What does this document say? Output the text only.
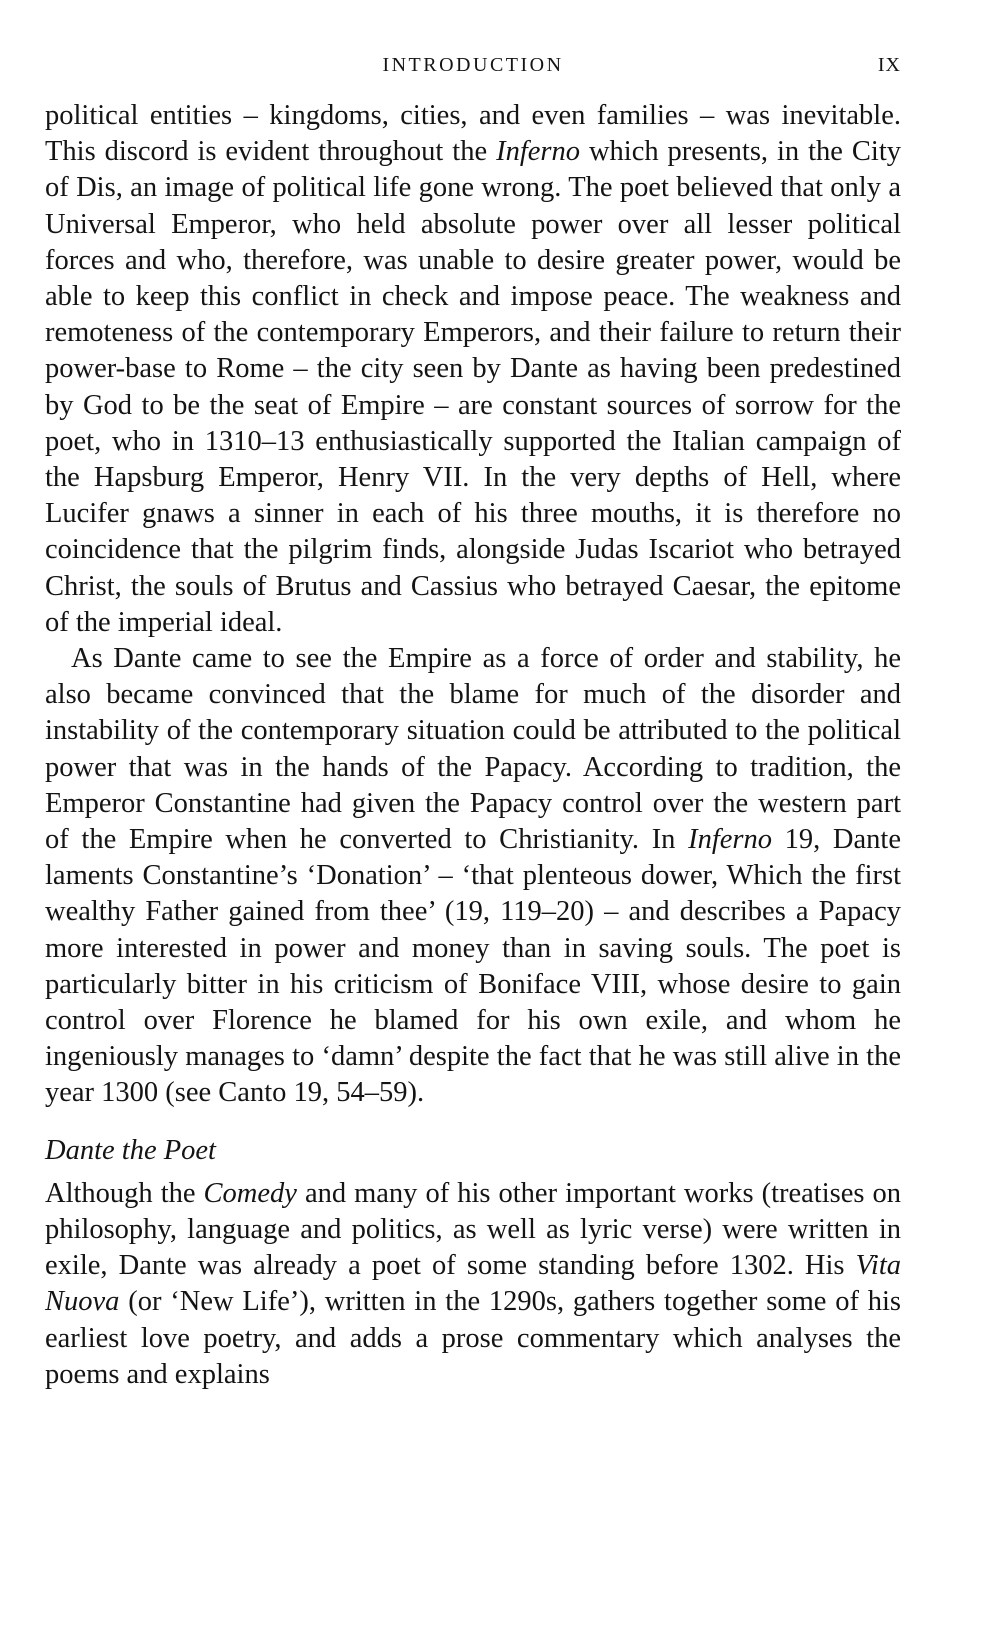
INTRODUCTION	IX

political entities – kingdoms, cities, and even families – was inevitable. This discord is evident throughout the Inferno which presents, in the City of Dis, an image of political life gone wrong. The poet believed that only a Universal Emperor, who held absolute power over all lesser political forces and who, therefore, was unable to desire greater power, would be able to keep this conflict in check and impose peace. The weakness and remoteness of the contemporary Emperors, and their failure to return their power-base to Rome – the city seen by Dante as having been predestined by God to be the seat of Empire – are constant sources of sorrow for the poet, who in 1310–13 enthusiastically supported the Italian campaign of the Hapsburg Emperor, Henry VII. In the very depths of Hell, where Lucifer gnaws a sinner in each of his three mouths, it is therefore no coincidence that the pilgrim finds, alongside Judas Iscariot who betrayed Christ, the souls of Brutus and Cassius who betrayed Caesar, the epitome of the imperial ideal.

As Dante came to see the Empire as a force of order and stability, he also became convinced that the blame for much of the disorder and instability of the contemporary situation could be attributed to the political power that was in the hands of the Papacy. According to tradition, the Emperor Constantine had given the Papacy control over the western part of the Empire when he converted to Christianity. In Inferno 19, Dante laments Constantine’s ‘Donation’ – ‘that plenteous dower, Which the first wealthy Father gained from thee’ (19, 119–20) – and describes a Papacy more interested in power and money than in saving souls. The poet is particularly bitter in his criticism of Boniface VIII, whose desire to gain control over Florence he blamed for his own exile, and whom he ingeniously manages to ‘damn’ despite the fact that he was still alive in the year 1300 (see Canto 19, 54–59).

Dante the Poet

Although the Comedy and many of his other important works (treatises on philosophy, language and politics, as well as lyric verse) were written in exile, Dante was already a poet of some standing before 1302. His Vita Nuova (or ‘New Life’), written in the 1290s, gathers together some of his earliest love poetry, and adds a prose commentary which analyses the poems and explains
